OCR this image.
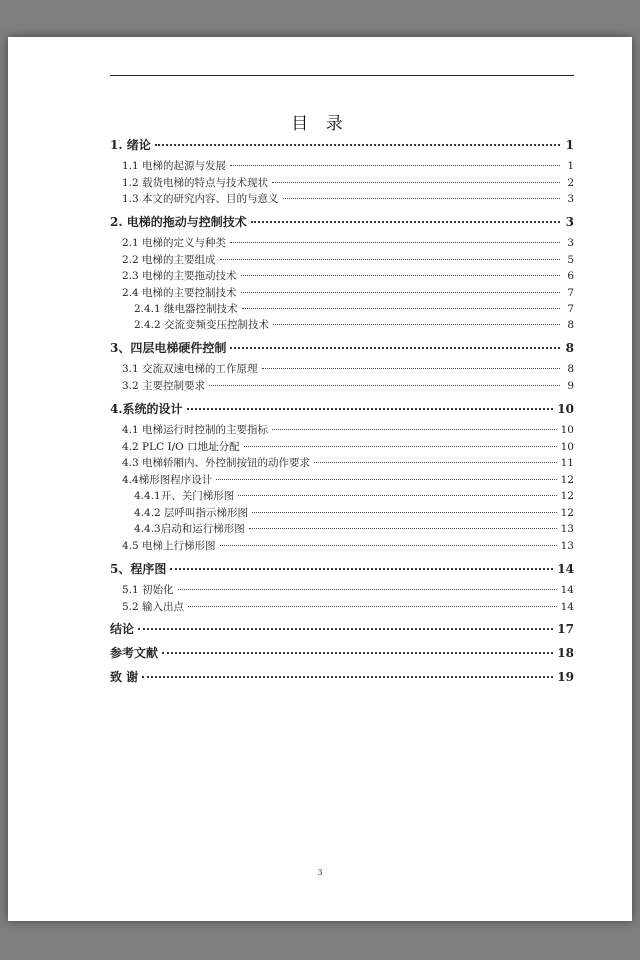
目 录
1. 绪论	1
1.1 电梯的起源与发展	1
1.2 载货电梯的特点与技术现状	2
1.3 本文的研究内容、目的与意义	3
2. 电梯的拖动与控制技术	3
2.1 电梯的定义与种类	3
2.2 电梯的主要组成	5
2.3 电梯的主要拖动技术	6
2.4 电梯的主要控制技术	7
2.4.1 继电器控制技术	7
2.4.2 交流变频变压控制技术	8
3、四层电梯硬件控制	8
3.1 交流双速电梯的工作原理	8
3.2 主要控制要求	9
4.系统的设计	10
4.1 电梯运行时控制的主要指标	10
4.2 PLC I/O 口地址分配	10
4.3 电梯轿厢内、外控制按钮的动作要求	11
4.4梯形图程序设计	12
4.4.1开、关门梯形图	12
4.4.2 层呼叫指示梯形图	12
4.4.3启动和运行梯形图	13
4.5 电梯上行梯形图	13
5、程序图	14
5.1 初始化	14
5.2 输入出点	14
结论	17
参考文献	18
致 谢	19
3
